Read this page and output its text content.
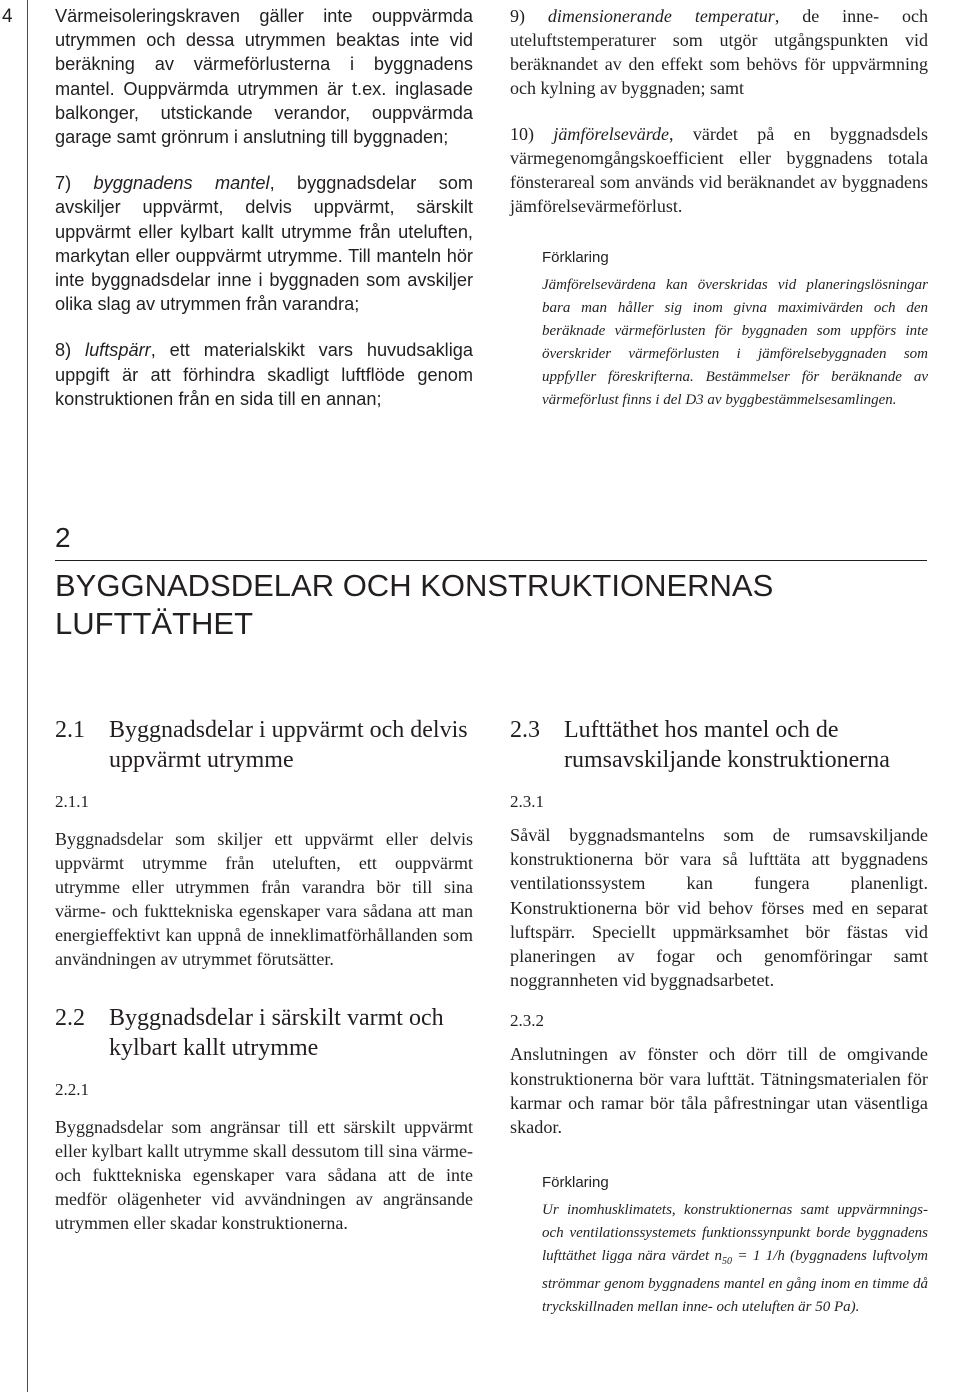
4 Värmeisoleringskraven gäller inte ouppvärmda utrymmen och dessa utrymmen beaktas inte vid beräkning av värmeförlusterna i byggnadens mantel. Ouppvärmda utrymmen är t.ex. inglasade balkonger, utstickande verandor, ouppvärmda garage samt grönrum i anslutning till byggnaden;

7) byggnadens mantel, byggnadsdelar som avskiljer uppvärmt, delvis uppvärmt, särskilt uppvärmt eller kylbart kallt utrymme från uteluften, markytan eller ouppvärmt utrymme. Till manteln hör inte byggnadsdelar inne i byggnaden som avskiljer olika slag av utrymmen från varandra;

8) luftspärr, ett materialskikt vars huvudsakliga uppgift är att förhindra skadligt luftflöde genom konstruktionen från en sida till en annan;

9) dimensionerande temperatur, de inne- och uteluftstemperaturer som utgör utgångspunkten vid beräknandet av den effekt som behövs för uppvärmning och kylning av byggnaden; samt

10) jämförelsevärde, värdet på en byggnadsdels värmegenomgångskoefficient eller byggnadens totala fönsterareal som används vid beräknandet av byggnadens jämförelsevärmeförlust.

Förklaring

Jämförelsevärdena kan överskridas vid planeringslösningar bara man håller sig inom givna maximivärden och den beräknade värmeförlusten för byggnaden som uppförs inte överskrider värmeförlusten i jämförelsebyggnaden som uppfyller föreskrifterna. Bestämmelser för beräknande av värmeförlust finns i del D3 av byggbestämmelsesamlingen.

2

BYGGNADSDELAR OCH KONSTRUKTIONERNAS
LUFTTÄTHET

2.1	Byggnadsdelar i uppvärmt och delvis uppvärmt utrymme

2.1.1

Byggnadsdelar som skiljer ett uppvärmt eller delvis uppvärmt utrymme från uteluften, ett ouppvärmt utrymme eller utrymmen från varandra bör till sina värme- och fukttekniska egenskaper vara sådana att man energieffektivt kan uppnå de inneklimatförhållanden som användningen av utrymmet förutsätter.

2.2	Byggnadsdelar i särskilt varmt och kylbart kallt utrymme

2.2.1

Byggnadsdelar som angränsar till ett särskilt uppvärmt eller kylbart kallt utrymme skall dessutom till sina värme- och fukttekniska egenskaper vara sådana att de inte medför olägenheter vid avvändningen av angränsande utrymmen eller skadar konstruktionerna.

2.3	Lufttäthet hos mantel och de rumsavskiljande konstruktionerna

2.3.1

Såväl byggnadsmantelns som de rumsavskiljande konstruktionerna bör vara så lufttäta att byggnadens ventilationssystem kan fungera planenligt. Konstruktionerna bör vid behov förses med en separat luftspärr. Speciellt uppmärksamhet bör fästas vid planeringen av fogar och genomföringar samt noggrannheten vid byggnadsarbetet.

2.3.2

Anslutningen av fönster och dörr till de omgivande konstruktionerna bör vara lufttät. Tätningsmaterialen för karmar och ramar bör tåla påfrestningar utan väsentliga skador.

Förklaring

Ur inomhusklimatets, konstruktionernas samt uppvärmnings- och ventilationssystemets funktionssynpunkt borde byggnadens lufttäthet ligga nära värdet $n_{50} = 1$ 1/h (byggnadens luftvolym strömmar genom byggnadens mantel en gång inom en timme då tryckskillnaden mellan inne- och uteluften är 50 Pa).
